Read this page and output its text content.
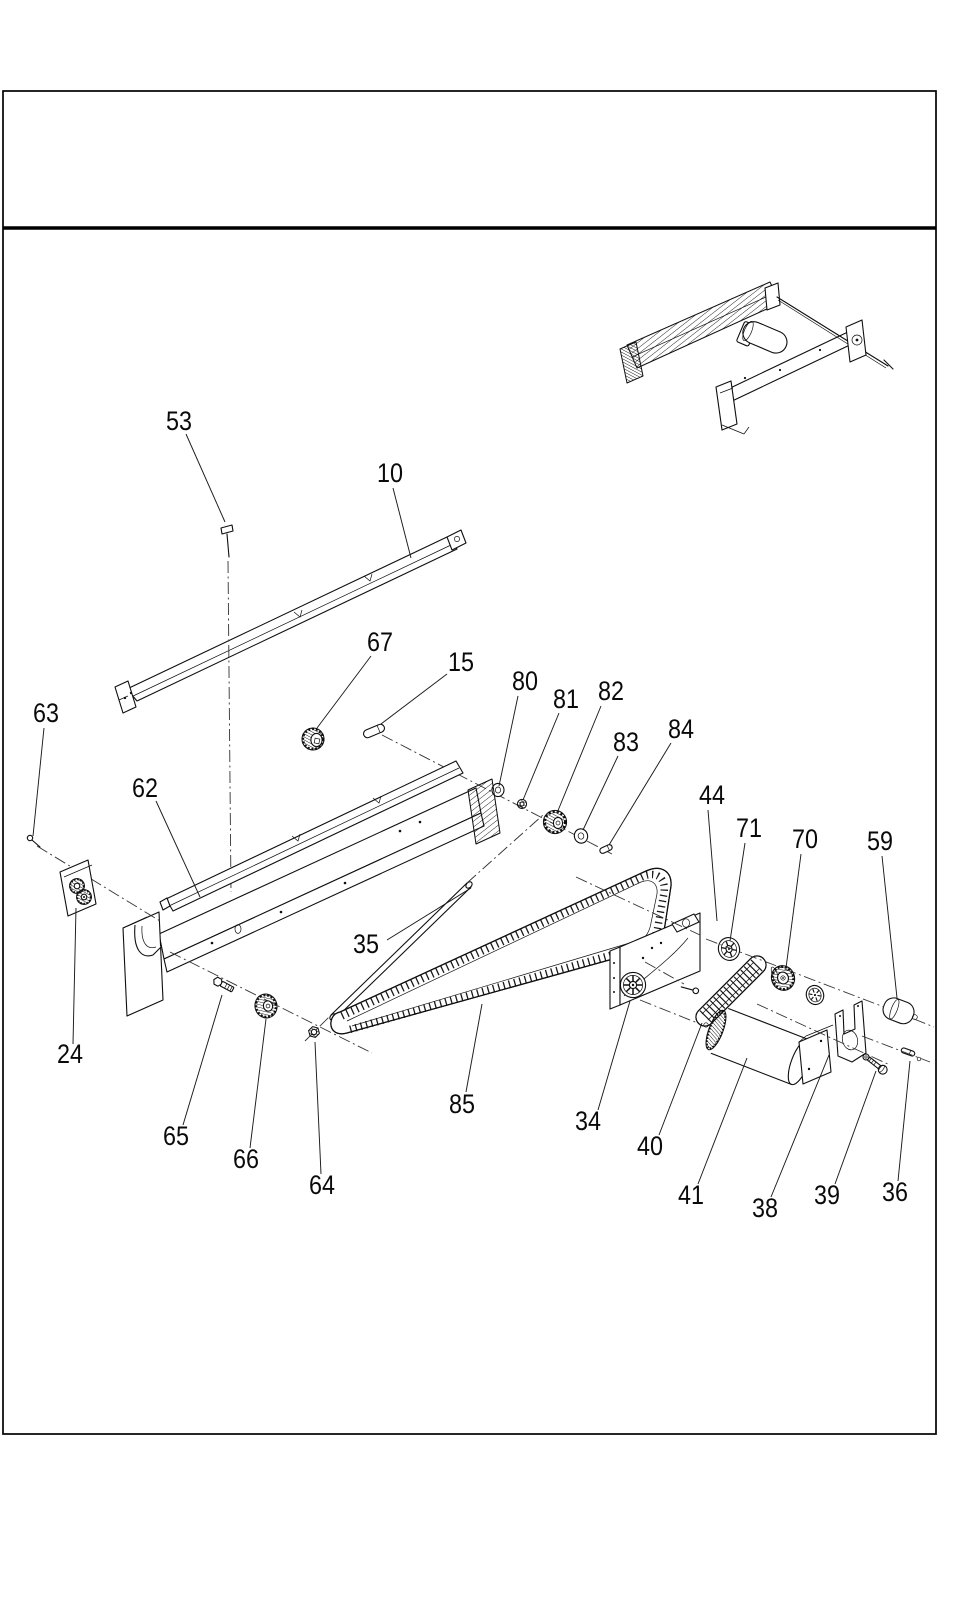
53
10
67
15
80
81 82
83 84
44
71 70 59
63
62
35
24
65
66
64
85
34
40
41 38 39 36
